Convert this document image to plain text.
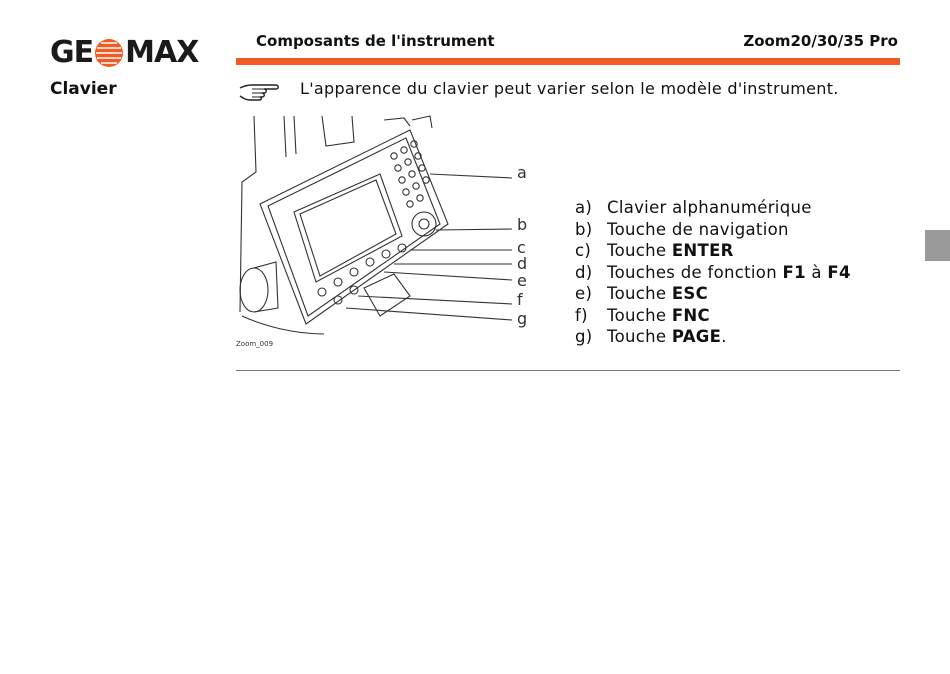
GE MAX	Composants de l'instrument	Zoom20/30/35 Pro
Clavier	L'apparence du clavier peut varier selon le modèle d'instrument.
a
b
c
d
e
f
g
Zoom_009
a) Clavier alphanumérique
b) Touche de navigation
c) Touche ENTER
d) Touches de fonction F1 à F4
e) Touche ESC
f) Touche FNC
g) Touche PAGE.
